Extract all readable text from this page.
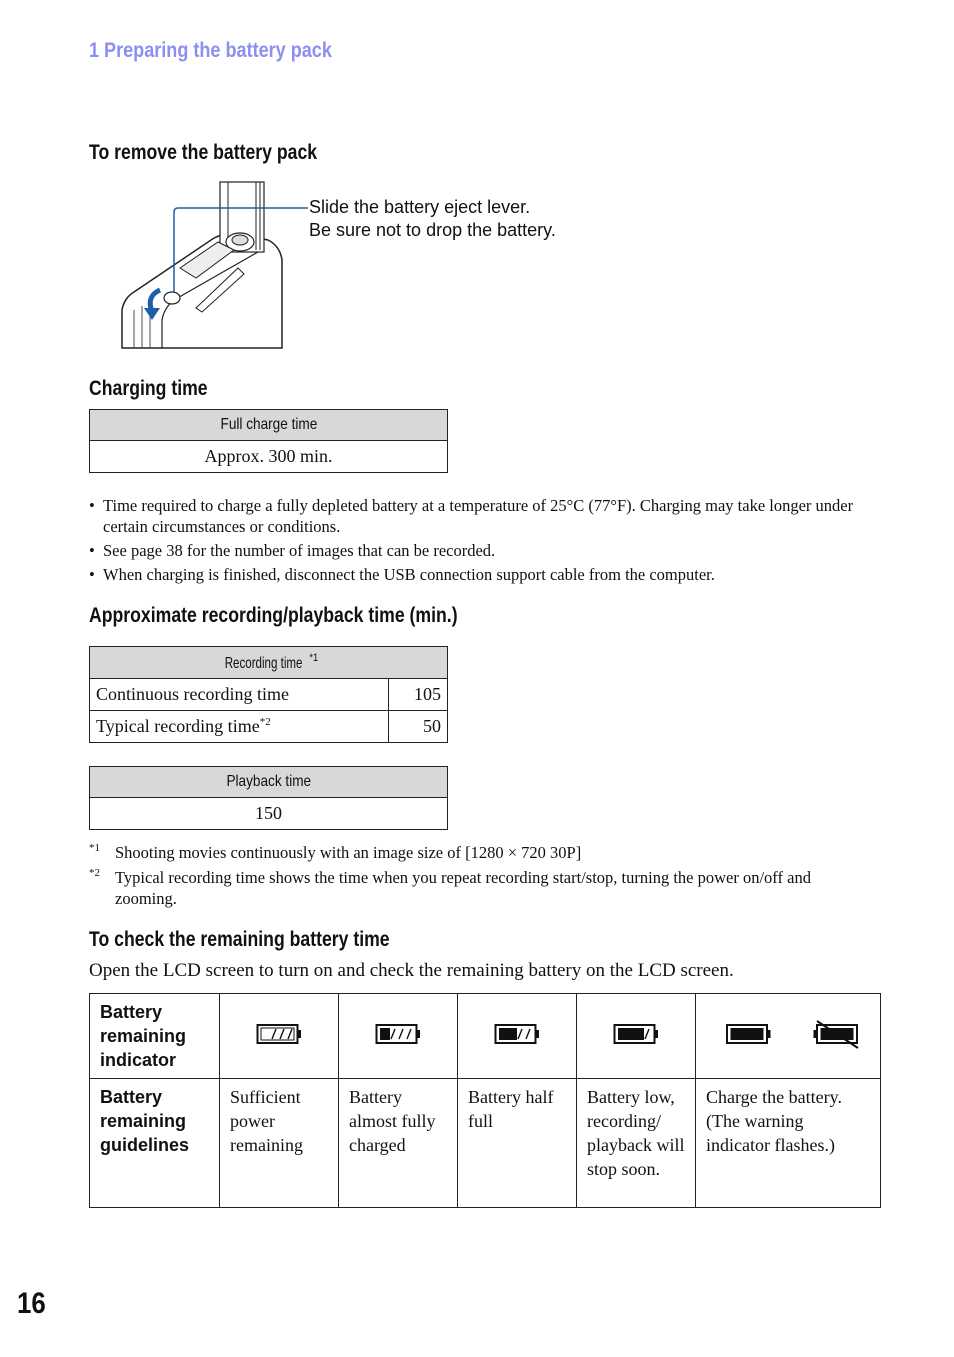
1 Preparing the battery pack
To remove the battery pack
Slide the battery eject lever.
Be sure not to drop the battery.
Charging time
Full charge time
Approx. 300 min.
• Time required to charge a fully depleted battery at a temperature of 25°C (77°F). Charging may take longer under certain circumstances or conditions.
• See page 38 for the number of images that can be recorded.
• When charging is finished, disconnect the USB connection support cable from the computer.
Approximate recording/playback time (min.)
Recording time $^{*1}$
Continuous recording time	105
Typical recording time$^{*2}$	50
Playback time
150
*1 Shooting movies continuously with an image size of [1280 × 720 30P]
*2 Typical recording time shows the time when you repeat recording start/stop, turning the power on/off and zooming.
To check the remaining battery time
Open the LCD screen to turn on and check the remaining battery on the LCD screen.
Battery remaining indicator					
Battery remaining guidelines	Sufficient power remaining	Battery almost fully charged	Battery half full	Battery low, recording/ playback will stop soon.	Charge the battery. (The warning indicator flashes.)
16
